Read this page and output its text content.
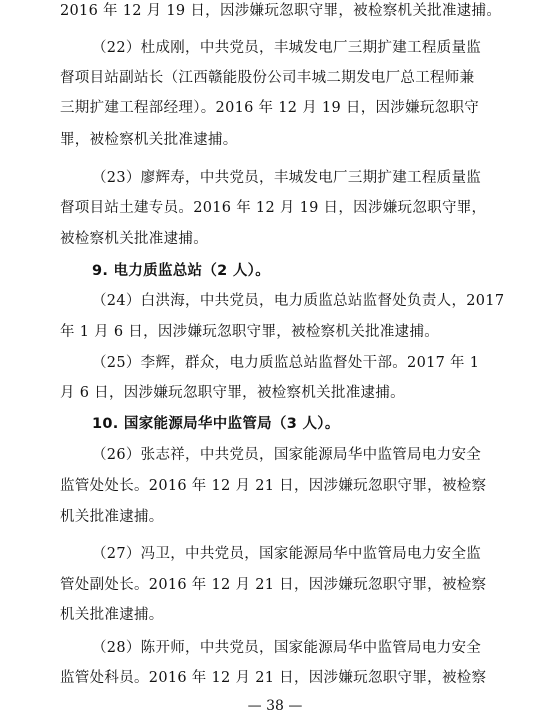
2016 年 12 月 19 日，因涉嫌玩忽职守罪，被检察机关批准逮捕。
（22）杜成刚，中共党员，丰城发电厂三期扩建工程质量监
督项目站副站长（江西赣能股份公司丰城二期发电厂总工程师兼
三期扩建工程部经理）。2016 年 12 月 19 日，因涉嫌玩忽职守
罪，被检察机关批准逮捕。
（23）廖辉寿，中共党员，丰城发电厂三期扩建工程质量监
督项目站土建专员。2016 年 12 月 19 日，因涉嫌玩忽职守罪，
被检察机关批准逮捕。
9. 电力质监总站（2 人）。
（24）白洪海，中共党员，电力质监总站监督处负责人，2017
年 1 月 6 日，因涉嫌玩忽职守罪，被检察机关批准逮捕。
（25）李辉，群众，电力质监总站监督处干部。2017 年 1
月 6 日，因涉嫌玩忽职守罪，被检察机关批准逮捕。
10. 国家能源局华中监管局（3 人）。
（26）张志祥，中共党员，国家能源局华中监管局电力安全
监管处处长。2016 年 12 月 21 日，因涉嫌玩忽职守罪，被检察
机关批准逮捕。
（27）冯卫，中共党员，国家能源局华中监管局电力安全监
管处副处长。2016 年 12 月 21 日，因涉嫌玩忽职守罪，被检察
机关批准逮捕。
（28）陈开师，中共党员，国家能源局华中监管局电力安全
监管处科员。2016 年 12 月 21 日，因涉嫌玩忽职守罪，被检察
— 38 —
